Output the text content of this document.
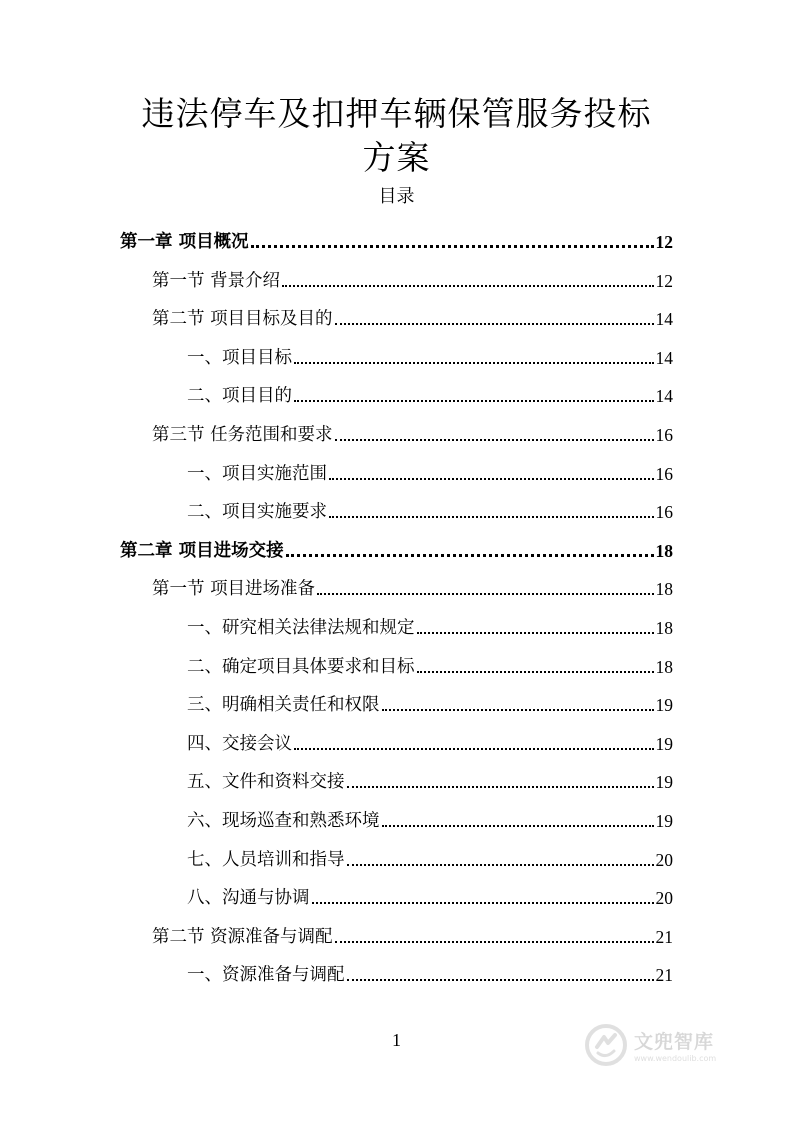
违法停车及扣押车辆保管服务投标
方案
目录
第一章 项目概况	12
第一节 背景介绍	12
第二节 项目目标及目的	14
一、项目目标	14
二、项目目的	14
第三节 任务范围和要求	16
一、项目实施范围	16
二、项目实施要求	16
第二章 项目进场交接	18
第一节 项目进场准备	18
一、研究相关法律法规和规定	18
二、确定项目具体要求和目标	18
三、明确相关责任和权限	19
四、交接会议	19
五、文件和资料交接	19
六、现场巡查和熟悉环境	19
七、人员培训和指导	20
八、沟通与协调	20
第二节 资源准备与调配	21
一、资源准备与调配	21
1	文兜智库
www.wendoulib.com
